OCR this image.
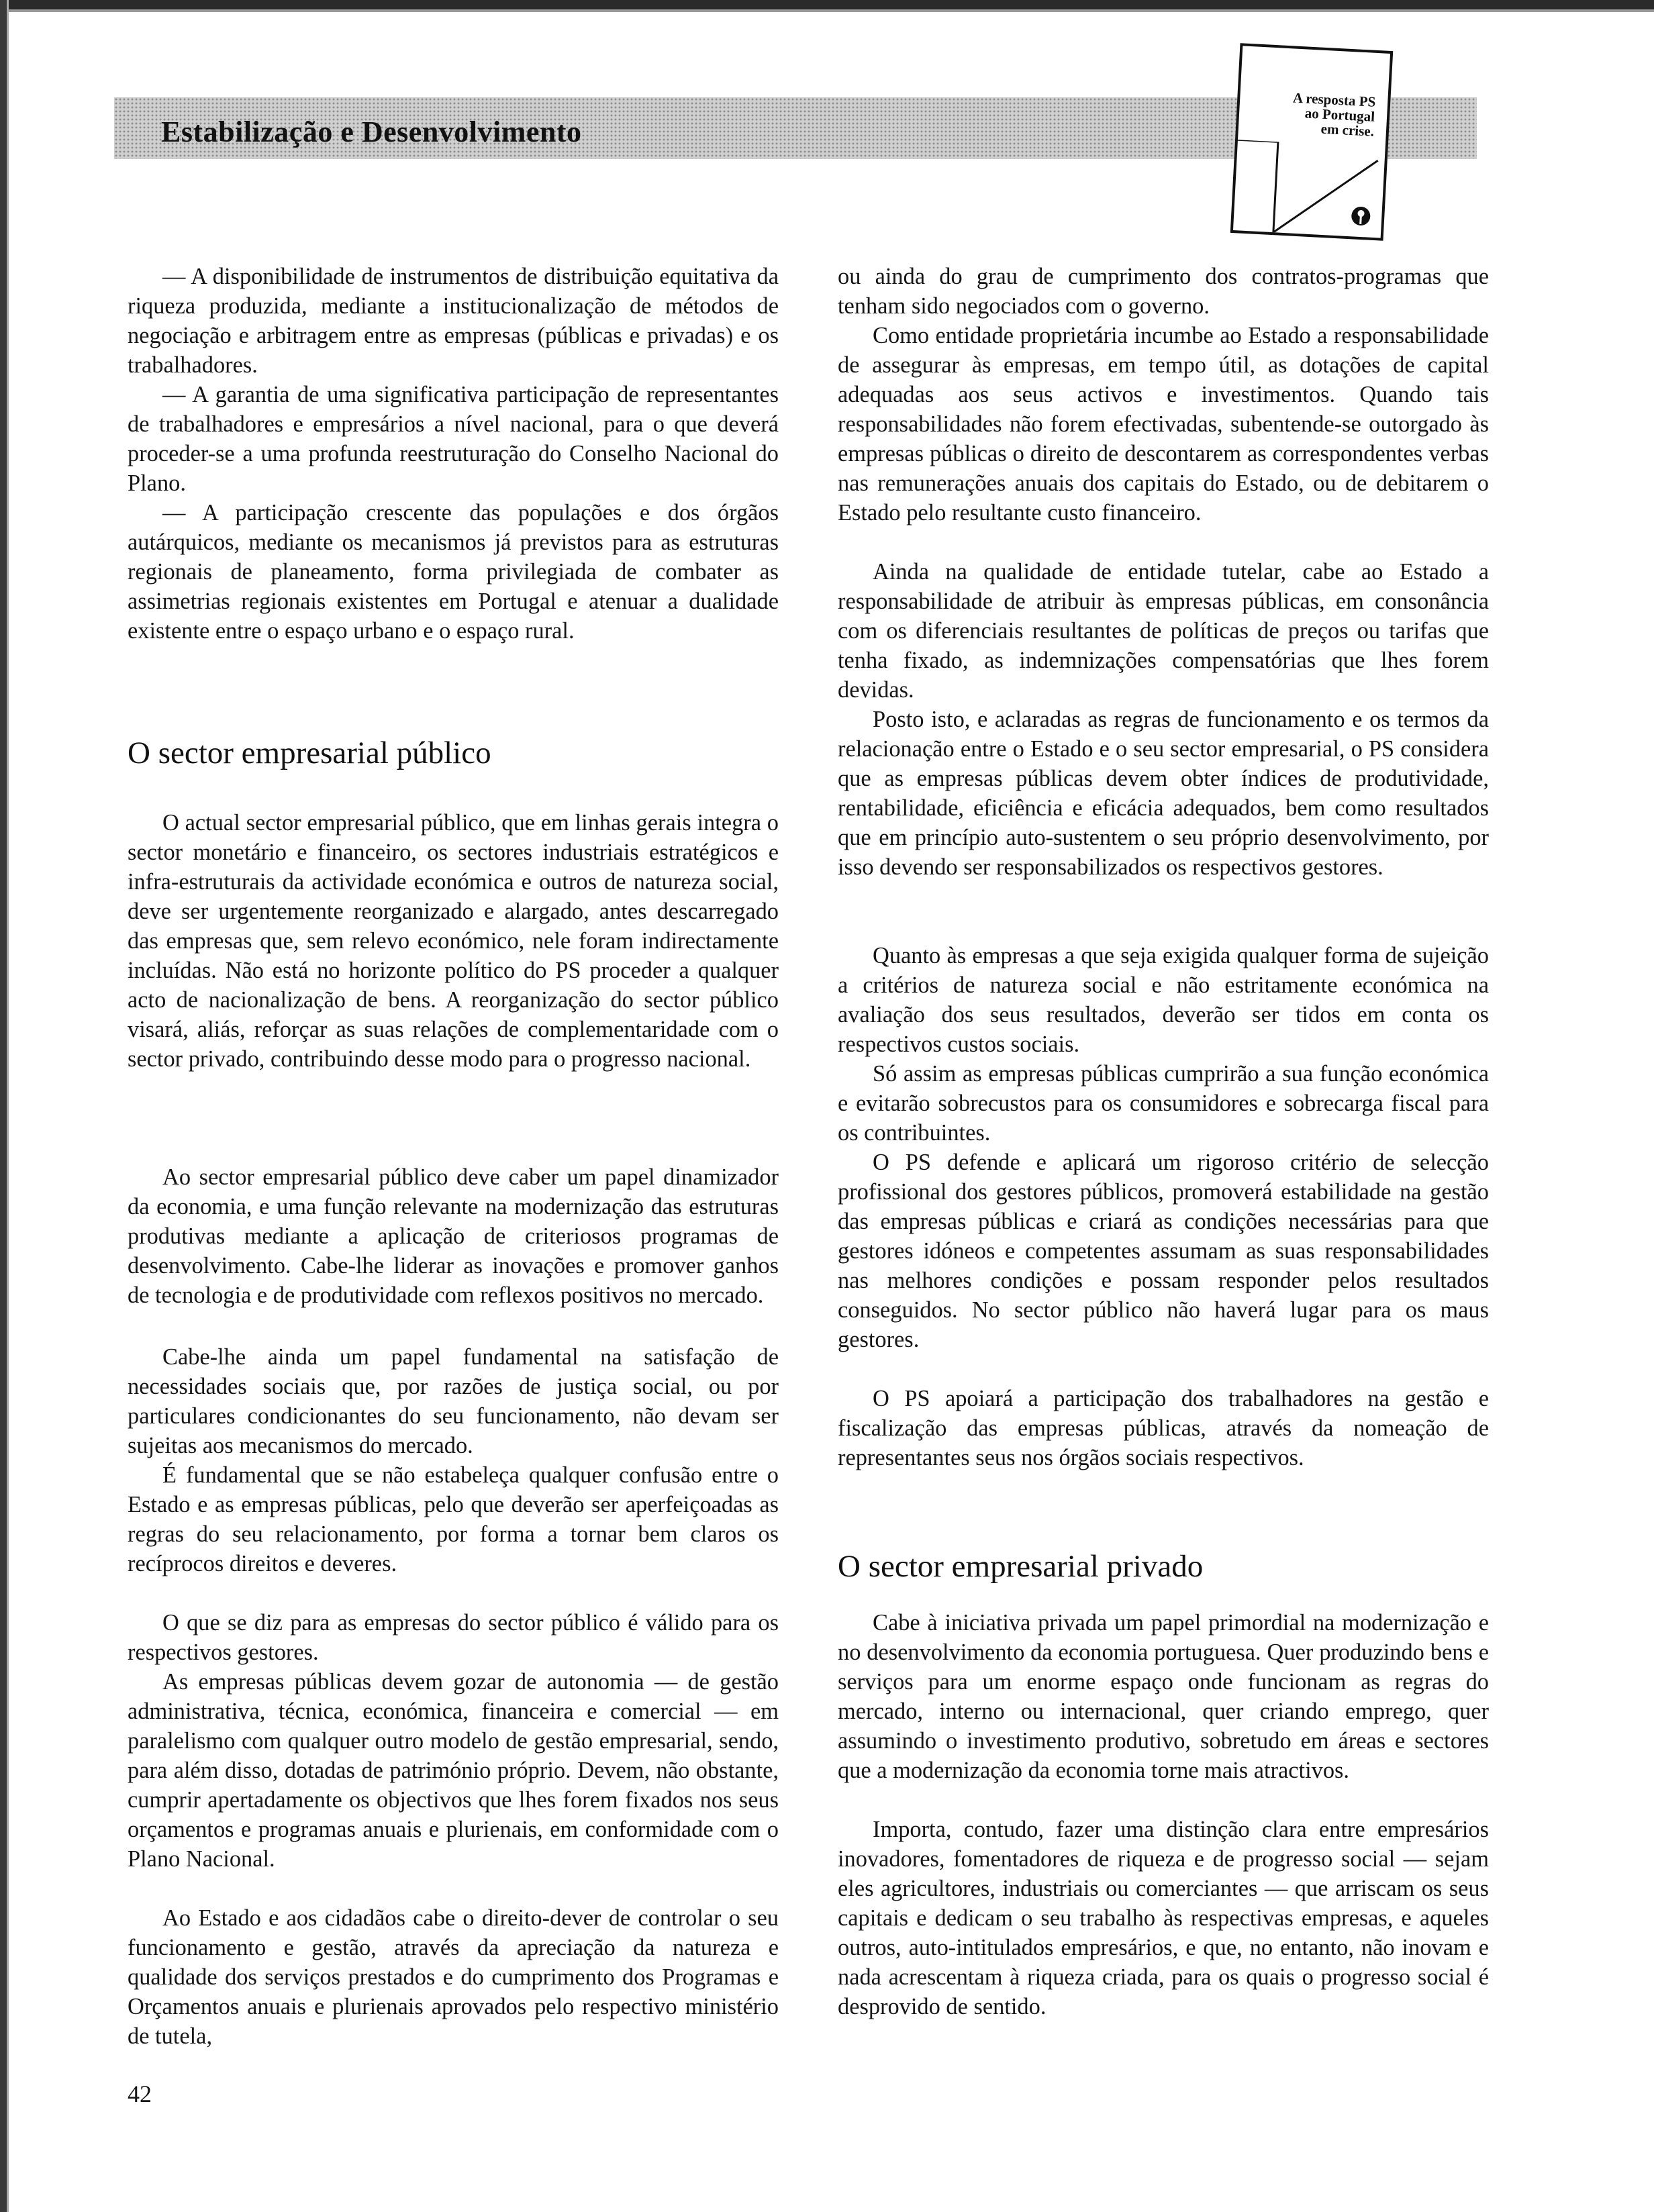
Estabilização e Desenvolvimento
A resposta PS
ao Portugal
em crise.

— A disponibilidade de instrumentos de distribuição equitativa da riqueza produzida, mediante a institucionalização de métodos de negociação e arbitragem entre as empresas (públicas e privadas) e os trabalhadores.

— A garantia de uma significativa participação de representantes de trabalhadores e empresários a nível nacional, para o que deverá proceder-se a uma profunda reestruturação do Conselho Nacional do Plano.

— A participação crescente das populações e dos órgãos autárquicos, mediante os mecanismos já previstos para as estruturas regionais de planeamento, forma privilegiada de combater as assimetrias regionais existentes em Portugal e atenuar a dualidade existente entre o espaço urbano e o espaço rural.

O sector empresarial público

O actual sector empresarial público, que em linhas gerais integra o sector monetário e financeiro, os sectores industriais estratégicos e infra-estruturais da actividade económica e outros de natureza social, deve ser urgentemente reorganizado e alargado, antes descarregado das empresas que, sem relevo económico, nele foram indirectamente incluídas. Não está no horizonte político do PS proceder a qualquer acto de nacionalização de bens. A reorganização do sector público visará, aliás, reforçar as suas relações de complementaridade com o sector privado, contribuindo desse modo para o progresso nacional.

Ao sector empresarial público deve caber um papel dinamizador da economia, e uma função relevante na modernização das estruturas produtivas mediante a aplicação de criteriosos programas de desenvolvimento. Cabe-lhe liderar as inovações e promover ganhos de tecnologia e de produtividade com reflexos positivos no mercado.

Cabe-lhe ainda um papel fundamental na satisfação de necessidades sociais que, por razões de justiça social, ou por particulares condicionantes do seu funcionamento, não devam ser sujeitas aos mecanismos do mercado.

É fundamental que se não estabeleça qualquer confusão entre o Estado e as empresas públicas, pelo que deverão ser aperfeiçoadas as regras do seu relacionamento, por forma a tornar bem claros os recíprocos direitos e deveres.

O que se diz para as empresas do sector público é válido para os respectivos gestores.

As empresas públicas devem gozar de autonomia — de gestão administrativa, técnica, económica, financeira e comercial — em paralelismo com qualquer outro modelo de gestão empresarial, sendo, para além disso, dotadas de património próprio. Devem, não obstante, cumprir apertadamente os objectivos que lhes forem fixados nos seus orçamentos e programas anuais e plurienais, em conformidade com o Plano Nacional.

Ao Estado e aos cidadãos cabe o direito-dever de controlar o seu funcionamento e gestão, através da apreciação da natureza e qualidade dos serviços prestados e do cumprimento dos Programas e Orçamentos anuais e plurienais aprovados pelo respectivo ministério de tutela,

42

ou ainda do grau de cumprimento dos contratos-programas que tenham sido negociados com o governo.

Como entidade proprietária incumbe ao Estado a responsabilidade de assegurar às empresas, em tempo útil, as dotações de capital adequadas aos seus activos e investimentos. Quando tais responsabilidades não forem efectivadas, subentende-se outorgado às empresas públicas o direito de descontarem as correspondentes verbas nas remunerações anuais dos capitais do Estado, ou de debitarem o Estado pelo resultante custo financeiro.

Ainda na qualidade de entidade tutelar, cabe ao Estado a responsabilidade de atribuir às empresas públicas, em consonância com os diferenciais resultantes de políticas de preços ou tarifas que tenha fixado, as indemnizações compensatórias que lhes forem devidas.

Posto isto, e aclaradas as regras de funcionamento e os termos da relacionação entre o Estado e o seu sector empresarial, o PS considera que as empresas públicas devem obter índices de produtividade, rentabilidade, eficiência e eficácia adequados, bem como resultados que em princípio auto-sustentem o seu próprio desenvolvimento, por isso devendo ser responsabilizados os respectivos gestores.

Quanto às empresas a que seja exigida qualquer forma de sujeição a critérios de natureza social e não estritamente económica na avaliação dos seus resultados, deverão ser tidos em conta os respectivos custos sociais.

Só assim as empresas públicas cumprirão a sua função económica e evitarão sobrecustos para os consumidores e sobrecarga fiscal para os contribuintes.

O PS defende e aplicará um rigoroso critério de selecção profissional dos gestores públicos, promoverá estabilidade na gestão das empresas públicas e criará as condições necessárias para que gestores idóneos e competentes assumam as suas responsabilidades nas melhores condições e possam responder pelos resultados conseguidos. No sector público não haverá lugar para os maus gestores.

O PS apoiará a participação dos trabalhadores na gestão e fiscalização das empresas públicas, através da nomeação de representantes seus nos órgãos sociais respectivos.

O sector empresarial privado

Cabe à iniciativa privada um papel primordial na modernização e no desenvolvimento da economia portuguesa. Quer produzindo bens e serviços para um enorme espaço onde funcionam as regras do mercado, interno ou internacional, quer criando emprego, quer assumindo o investimento produtivo, sobretudo em áreas e sectores que a modernização da economia torne mais atractivos.

Importa, contudo, fazer uma distinção clara entre empresários inovadores, fomentadores de riqueza e de progresso social — sejam eles agricultores, industriais ou comerciantes — que arriscam os seus capitais e dedicam o seu trabalho às respectivas empresas, e aqueles outros, auto-intitulados empresários, e que, no entanto, não inovam e nada acrescentam à riqueza criada, para os quais o progresso social é desprovido de sentido.
